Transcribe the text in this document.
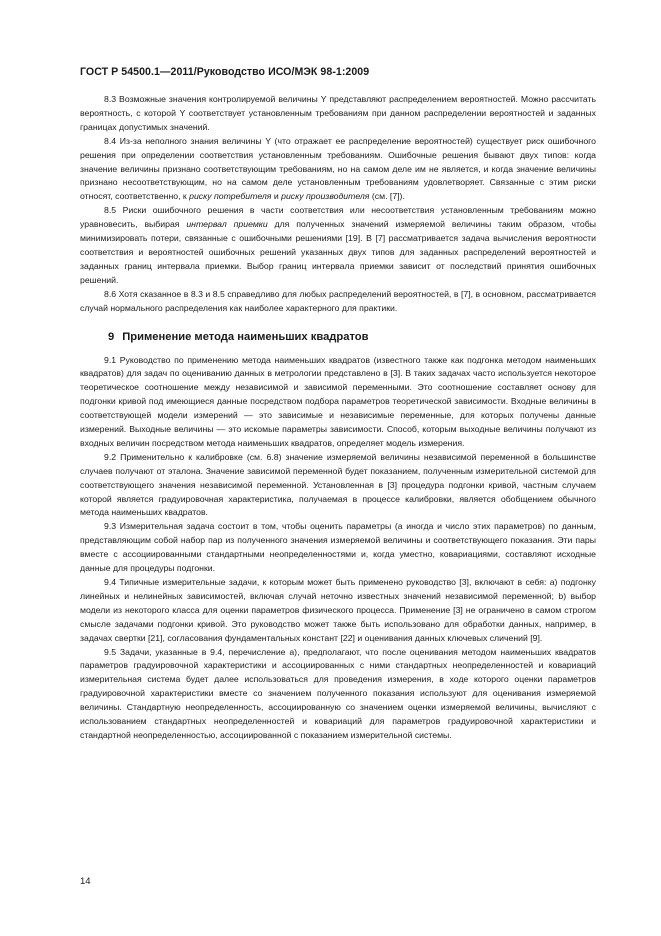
ГОСТ Р 54500.1—2011/Руководство ИСО/МЭК 98-1:2009

8.3 Возможные значения контролируемой величины Y представляют распределением вероятностей. Можно рассчитать вероятность, с которой Y соответствует установленным требованиям при данном распределении вероятностей и заданных границах допустимых значений.

8.4 Из-за неполного знания величины Y (что отражает ее распределение вероятностей) существует риск ошибочного решения при определении соответствия установленным требованиям. Ошибочные решения бывают двух типов: когда значение величины признано соответствующим требованиям, но на самом деле им не является, и когда значение величины признано несоответствующим, но на самом деле установленным требованиям удовлетворяет. Связанные с этим риски относят, соответственно, к риску потребителя и риску производителя (см. [7]).

8.5 Риски ошибочного решения в части соответствия или несоответствия установленным требованиям можно уравновесить, выбирая интервал приемки для полученных значений измеряемой величины таким образом, чтобы минимизировать потери, связанные с ошибочными решениями [19]. В [7] рассматривается задача вычисления вероятности соответствия и вероятностей ошибочных решений указанных двух типов для заданных распределений вероятностей и заданных границ интервала приемки. Выбор границ интервала приемки зависит от последствий принятия ошибочных решений.

8.6 Хотя сказанное в 8.3 и 8.5 справедливо для любых распределений вероятностей, в [7], в основном, рассматривается случай нормального распределения как наиболее характерного для практики.

9 Применение метода наименьших квадратов

9.1 Руководство по применению метода наименьших квадратов (известного также как подгонка методом наименьших квадратов) для задач по оцениванию данных в метрологии представлено в [3]. В таких задачах часто используется некоторое теоретическое соотношение между независимой и зависимой переменными. Это соотношение составляет основу для подгонки кривой под имеющиеся данные посредством подбора параметров теоретической зависимости. Входные величины в соответствующей модели измерений — это зависимые и независимые переменные, для которых получены данные измерений. Выходные величины — это искомые параметры зависимости. Способ, которым выходные величины получают из входных величин посредством метода наименьших квадратов, определяет модель измерения.

9.2 Применительно к калибровке (см. 6.8) значение измеряемой величины независимой переменной в большинстве случаев получают от эталона. Значение зависимой переменной будет показанием, полученным измерительной системой для соответствующего значения независимой переменной. Установленная в [3] процедура подгонки кривой, частным случаем которой является градуировочная характеристика, получаемая в процессе калибровки, является обобщением обычного метода наименьших квадратов.

9.3 Измерительная задача состоит в том, чтобы оценить параметры (а иногда и число этих параметров) по данным, представляющим собой набор пар из полученного значения измеряемой величины и соответствующего показания. Эти пары вместе с ассоциированными стандартными неопределенностями и, когда уместно, ковариациями, составляют исходные данные для процедуры подгонки.

9.4 Типичные измерительные задачи, к которым может быть применено руководство [3], включают в себя: a) подгонку линейных и нелинейных зависимостей, включая случай неточно известных значений независимой переменной; b) выбор модели из некоторого класса для оценки параметров физического процесса. Применение [3] не ограничено в самом строгом смысле задачами подгонки кривой. Это руководство может также быть использовано для обработки данных, например, в задачах свертки [21], согласования фундаментальных констант [22] и оценивания данных ключевых сличений [9].

9.5 Задачи, указанные в 9.4, перечисление a), предполагают, что после оценивания методом наименьших квадратов параметров градуировочной характеристики и ассоциированных с ними стандартных неопределенностей и ковариаций измерительная система будет далее использоваться для проведения измерения, в ходе которого оценки параметров градуировочной характеристики вместе со значением полученного показания используют для оценивания измеряемой величины. Стандартную неопределенность, ассоциированную со значением оценки измеряемой величины, вычисляют с использованием стандартных неопределенностей и ковариаций для параметров градуировочной характеристики и стандартной неопределенностью, ассоциированной с показанием измерительной системы.

14
